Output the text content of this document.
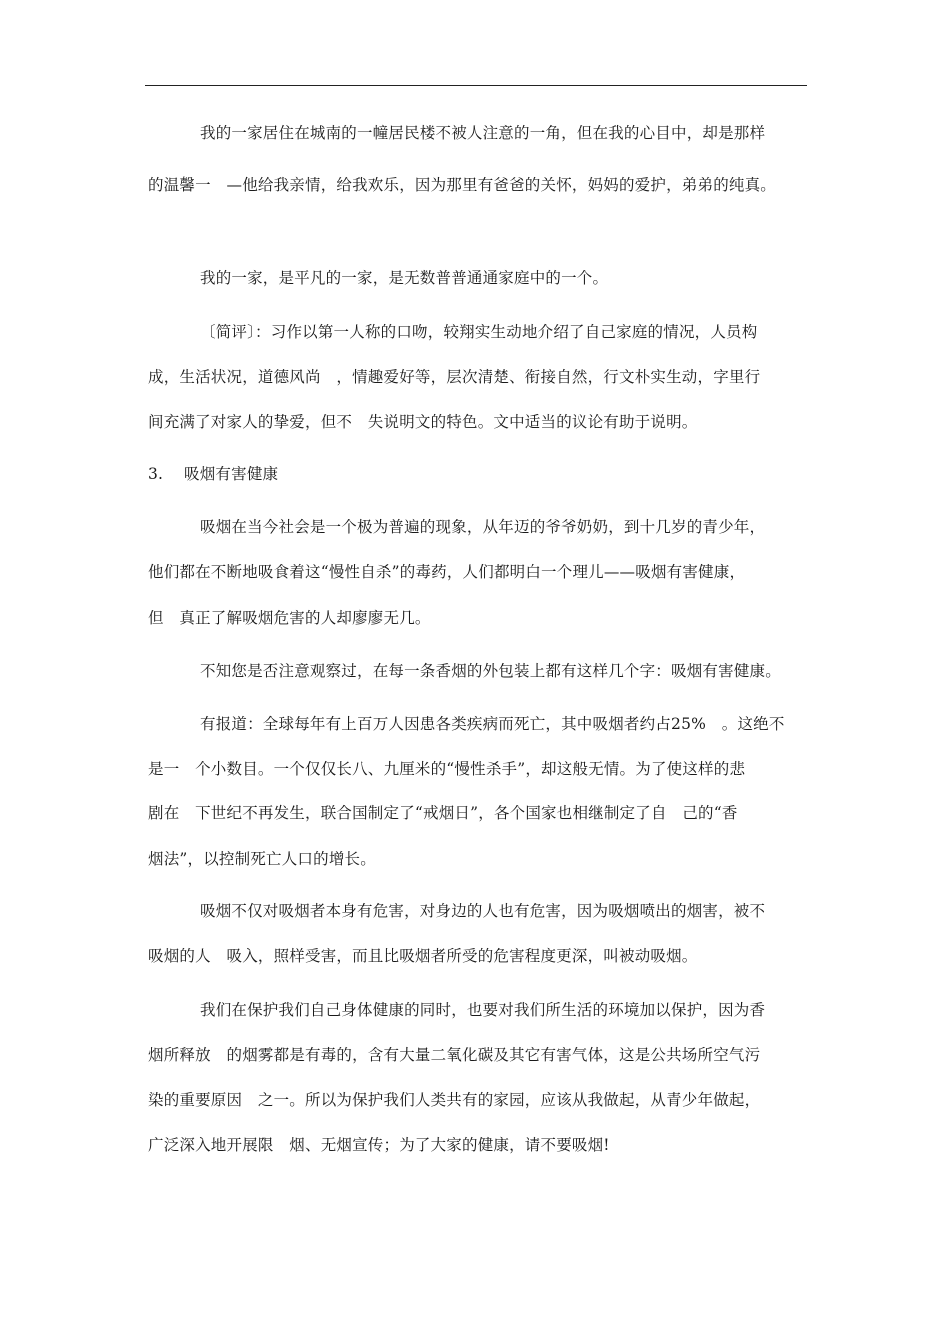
我的一家居住在城南的一幢居民楼不被人注意的一角，但在我的心目中，却是那样
的温馨一　—他给我亲情，给我欢乐，因为那里有爸爸的关怀，妈妈的爱护，弟弟的纯真。
我的一家，是平凡的一家，是无数普普通通家庭中的一个。
〔简评〕：习作以第一人称的口吻，较翔实生动地介绍了自己家庭的情况，人员构
成，生活状况，道德风尚　，情趣爱好等，层次清楚、衔接自然，行文朴实生动，字里行
间充满了对家人的挚爱，但不　失说明文的特色。文中适当的议论有助于说明。
3.　 吸烟有害健康
吸烟在当今社会是一个极为普遍的现象，从年迈的爷爷奶奶，到十几岁的青少年，
他们都在不断地吸食着这“慢性自杀”的毒药，人们都明白一个理儿——吸烟有害健康，
但　真正了解吸烟危害的人却廖廖无几。
不知您是否注意观察过，在每一条香烟的外包装上都有这样几个字：吸烟有害健康。
有报道：全球每年有上百万人因患各类疾病而死亡，其中吸烟者约占25%　。这绝不
是一　个小数目。一个仅仅长八、九厘米的“慢性杀手”，却这般无情。为了使这样的悲
剧在　下世纪不再发生，联合国制定了“戒烟日”，各个国家也相继制定了自　己的“香
烟法”，以控制死亡人口的增长。
吸烟不仅对吸烟者本身有危害，对身边的人也有危害，因为吸烟喷出的烟害，被不
吸烟的人　吸入，照样受害，而且比吸烟者所受的危害程度更深，叫被动吸烟。
我们在保护我们自己身体健康的同时，也要对我们所生活的环境加以保护，因为香
烟所释放　的烟雾都是有毒的，含有大量二氧化碳及其它有害气体，这是公共场所空气污
染的重要原因　之一。所以为保护我们人类共有的家园，应该从我做起，从青少年做起，
广泛深入地开展限　烟、无烟宣传；为了大家的健康，请不要吸烟!
